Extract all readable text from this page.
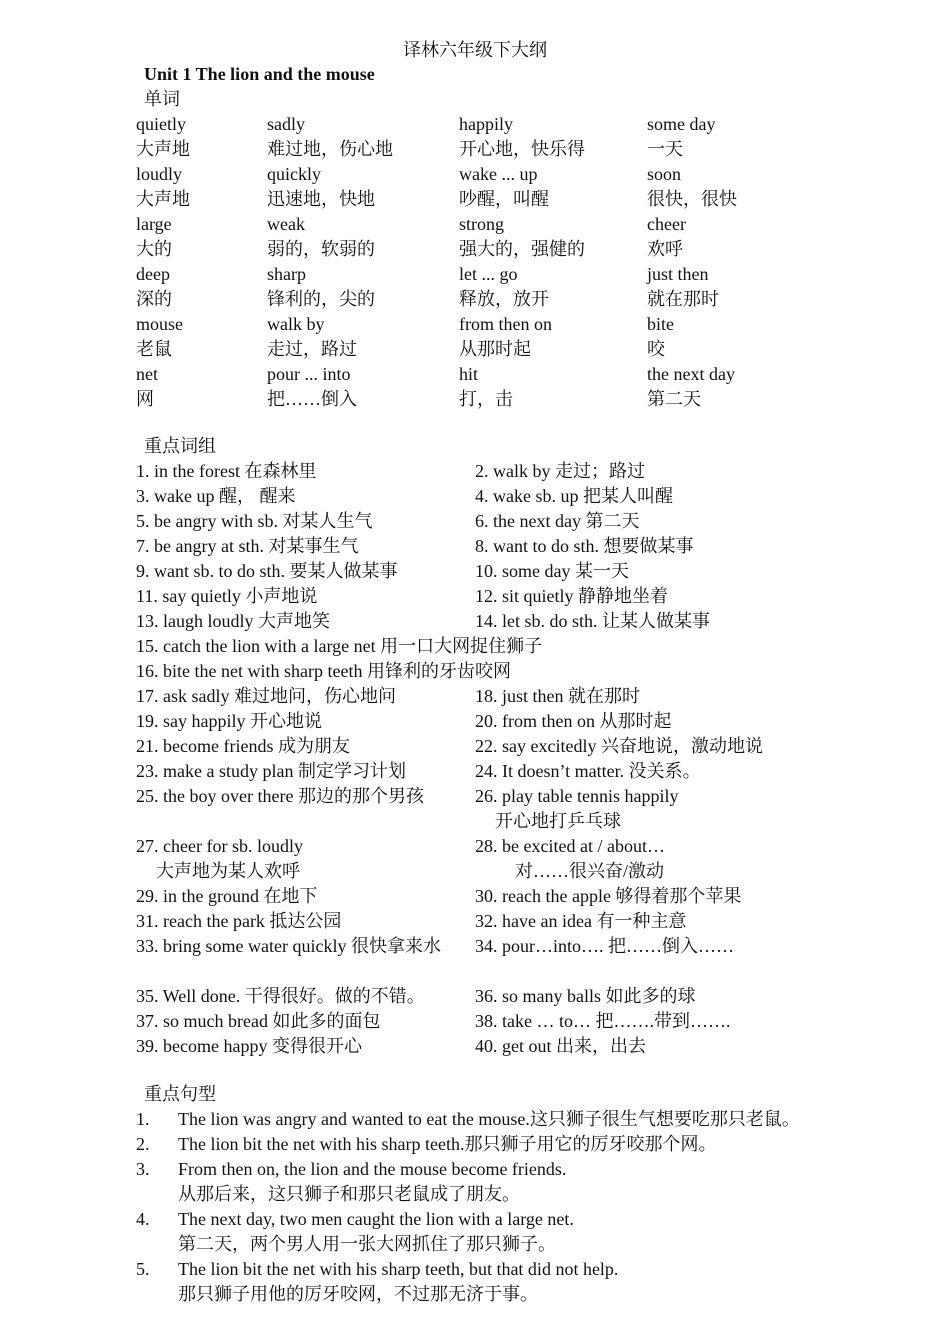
译林六年级下大纲
Unit 1 The lion and the mouse
单词
quietly	sadly	happily	some day
大声地	难过地，伤心地	开心地，快乐得	一天
loudly	quickly	wake ... up	soon
大声地	迅速地，快地	吵醒，叫醒	很快，很快
large	weak	strong	cheer
大的	弱的，软弱的	强大的，强健的	欢呼
deep	sharp	let ... go	just then
深的	锋利的，尖的	释放，放开	就在那时
mouse	walk by	from then on	bite
老鼠	走过，路过	从那时起	咬
net	pour ... into	hit	the next day
网	把……倒入	打，击	第二天
重点词组
1. in the forest 在森林里	2. walk by 走过；路过
3. wake up 醒， 醒来	4. wake sb. up 把某人叫醒
5. be angry with sb. 对某人生气	6. the next day 第二天
7. be angry at sth. 对某事生气	8. want to do sth. 想要做某事
9. want sb. to do sth. 要某人做某事	10. some day 某一天
11. say quietly 小声地说	12. sit quietly 静静地坐着
13. laugh loudly 大声地笑	14. let sb. do sth. 让某人做某事
15. catch the lion with a large net 用一口大网捉住狮子
16. bite the net with sharp teeth 用锋利的牙齿咬网
17. ask sadly 难过地问，伤心地问	18. just then 就在那时
19. say happily 开心地说	20. from then on 从那时起
21. become friends 成为朋友	22. say excitedly 兴奋地说，激动地说
23. make a study plan 制定学习计划	24. It doesn’t matter. 没关系。
25. the boy over there 那边的那个男孩	26. play table tennis happily
开心地打乒乓球
27. cheer for sb. loudly
大声地为某人欢呼
28. be excited at / about…
对……很兴奋/激动
29. in the ground 在地下	30. reach the apple 够得着那个苹果
31. reach the park 抵达公园	32. have an idea 有一种主意
33. bring some water quickly 很快拿来水	34. pour…into…. 把……倒入……
35. Well done. 干得很好。做的不错。	36. so many balls 如此多的球
37. so much bread 如此多的面包	38. take … to… 把…….带到…….
39. become happy 变得很开心	40. get out 出来，出去
重点句型
1.	The lion was angry and wanted to eat the mouse.这只狮子很生气想要吃那只老鼠。
2.	The lion bit the net with his sharp teeth.那只狮子用它的厉牙咬那个网。
3.	From then on, the lion and the mouse become friends.
从那后来，这只狮子和那只老鼠成了朋友。
4.	The next day, two men caught the lion with a large net.
第二天，两个男人用一张大网抓住了那只狮子。
5.	The lion bit the net with his sharp teeth, but that did not help.
那只狮子用他的厉牙咬网，不过那无济于事。
